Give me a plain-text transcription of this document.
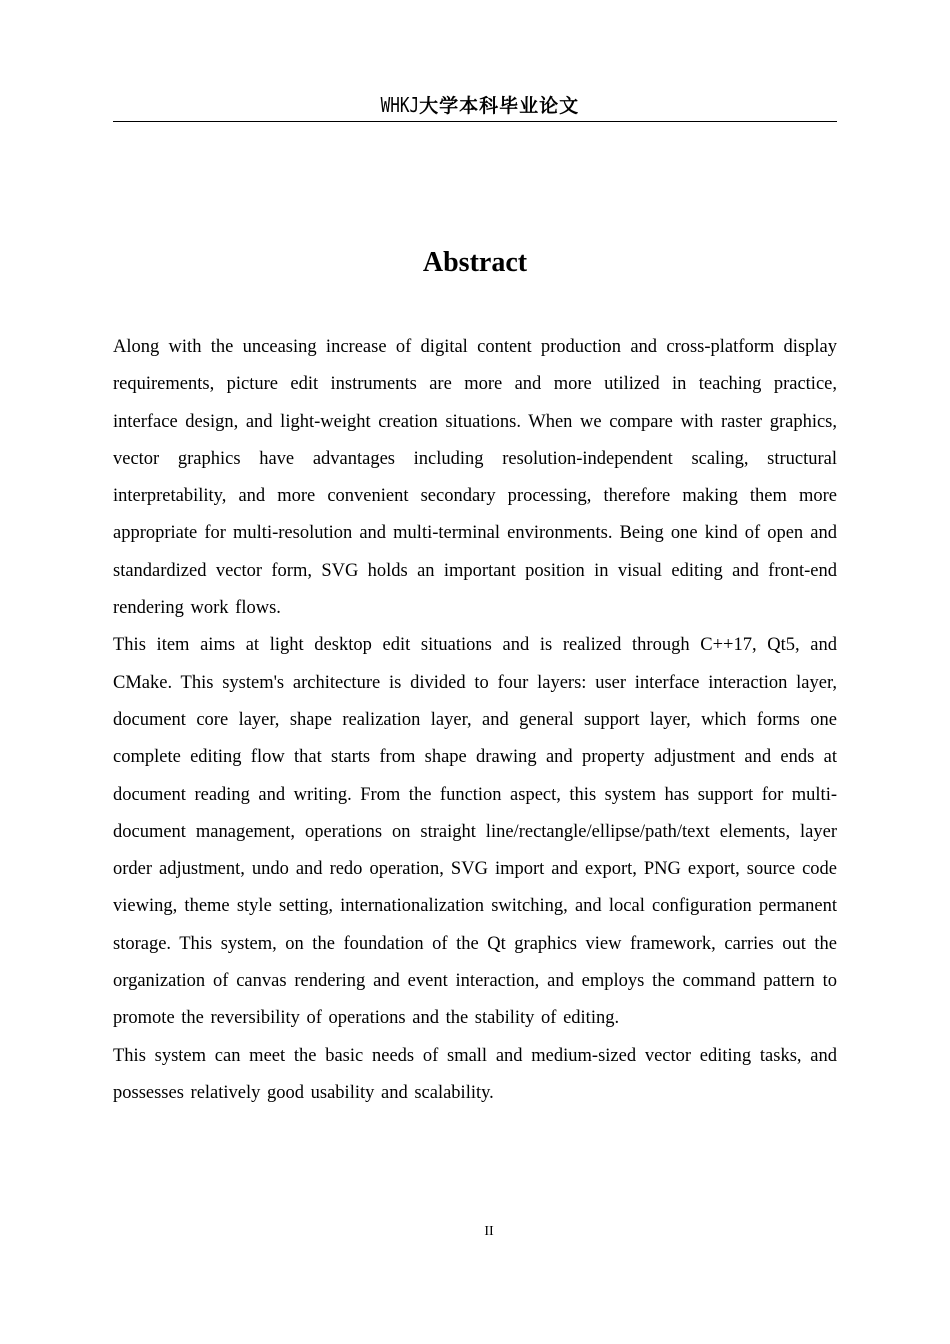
WHKJ大学本科毕业论文
Abstract

Along with the unceasing increase of digital content production and cross-platform display requirements, picture edit instruments are more and more utilized in teaching practice, interface design, and light-weight creation situations. When we compare with raster graphics, vector graphics have advantages including resolution-independent scaling, structural interpretability, and more convenient secondary processing, therefore making them more appropriate for multi-resolution and multi-terminal environments. Being one kind of open and standardized vector form, SVG holds an important position in visual editing and front-end rendering work flows.

This item aims at light desktop edit situations and is realized through C++17, Qt5, and CMake. This system's architecture is divided to four layers: user interface interaction layer, document core layer, shape realization layer, and general support layer, which forms one complete editing flow that starts from shape drawing and property adjustment and ends at document reading and writing. From the function aspect, this system has support for multi-document management, operations on straight line/rectangle/ellipse/path/text elements, layer order adjustment, undo and redo operation, SVG import and export, PNG export, source code viewing, theme style setting, internationalization switching, and local configuration permanent storage. This system, on the foundation of the Qt graphics view framework, carries out the organization of canvas rendering and event interaction, and employs the command pattern to promote the reversibility of operations and the stability of editing.

This system can meet the basic needs of small and medium-sized vector editing tasks, and possesses relatively good usability and scalability.

II
